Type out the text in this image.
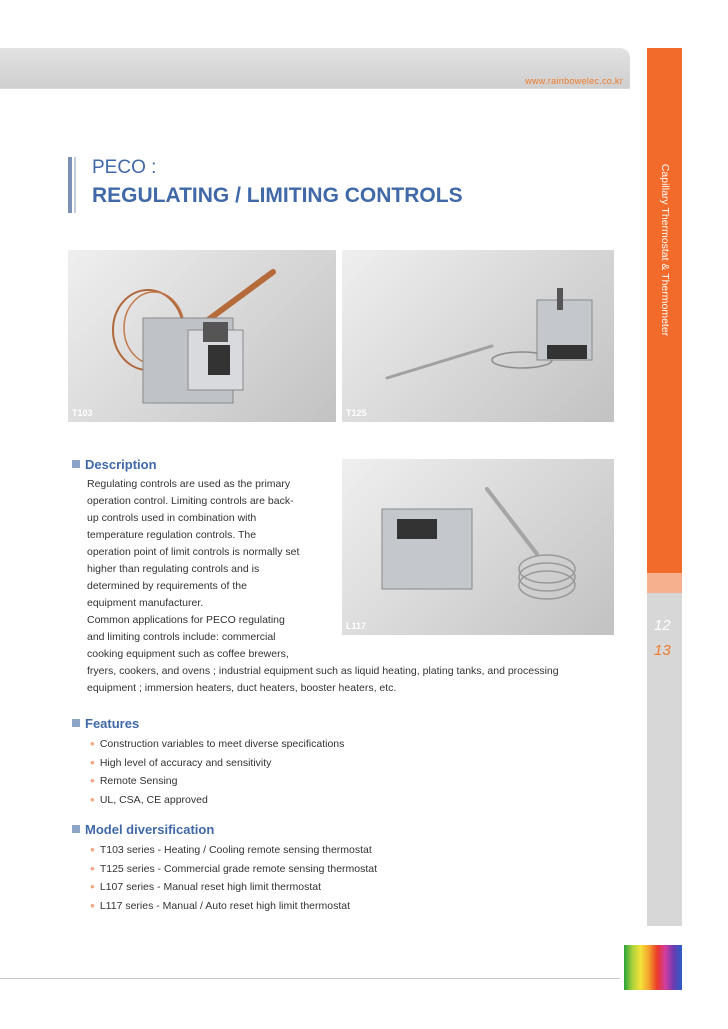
www.rainbowelec.co.kr
Capillary Thermostat & Thermometer
12
13
PECO :
REGULATING / LIMITING CONTROLS
T103	T125
L117
Description
Regulating controls are used as the primary
operation control. Limiting controls are back-
up controls used in combination with
temperature regulation controls. The
operation point of limit controls is normally set
higher than regulating controls and is
determined by requirements of the
equipment manufacturer.
Common applications for PECO regulating
and limiting controls include: commercial
cooking equipment such as coffee brewers,
fryers, cookers, and ovens ; industrial equipment such as liquid heating, plating tanks, and processing
equipment ; immersion heaters, duct heaters, booster heaters, etc.
Features
● Construction variables to meet diverse specifications
● High level of accuracy and sensitivity
● Remote Sensing
● UL, CSA, CE approved
Model diversification
● T103 series - Heating / Cooling remote sensing thermostat
● T125 series - Commercial grade remote sensing thermostat
● L107 series - Manual reset high limit thermostat
● L117 series - Manual / Auto reset high limit thermostat
